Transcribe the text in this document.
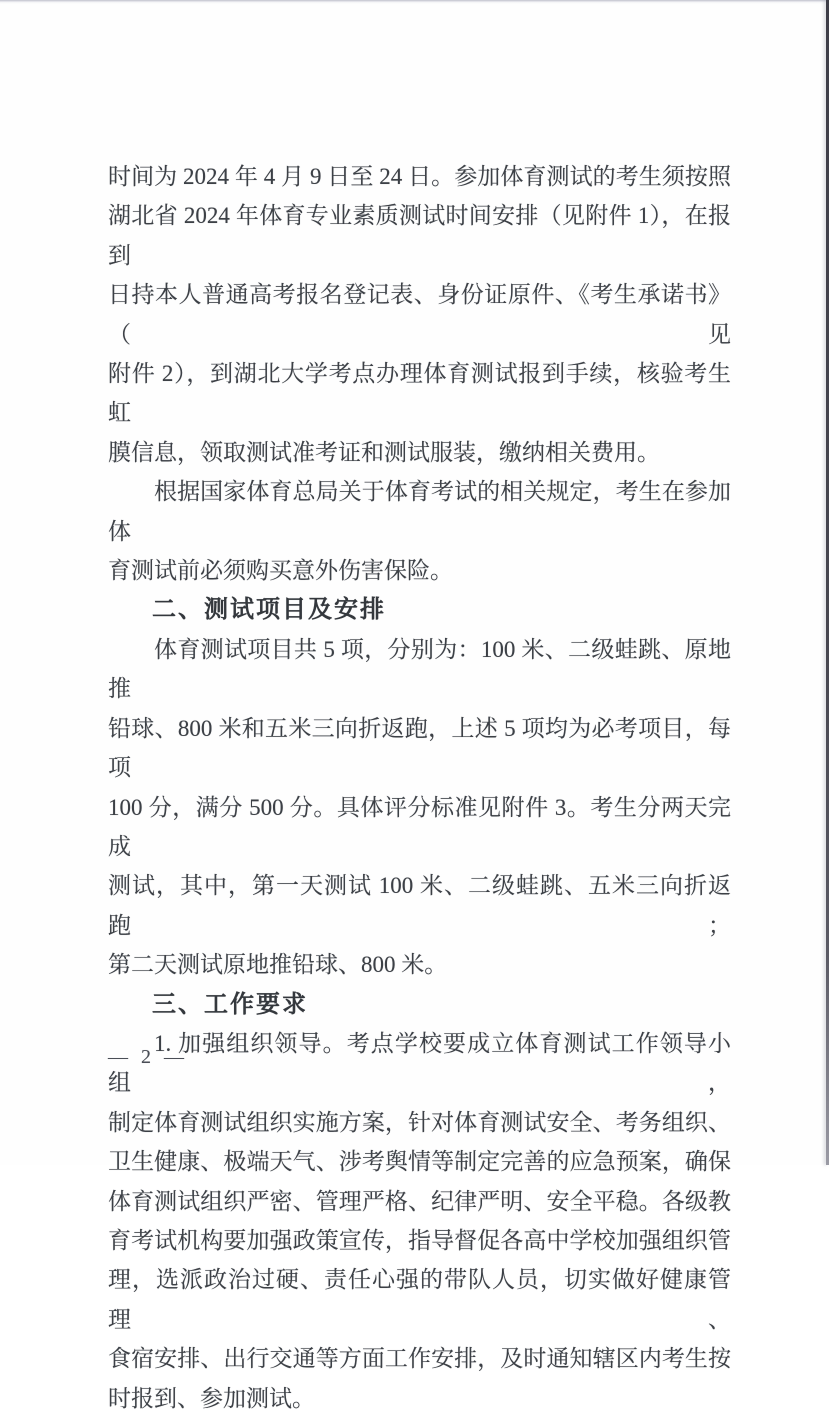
时间为 2024 年 4 月 9 日至 24 日。参加体育测试的考生须按照
湖北省 2024 年体育专业素质测试时间安排（见附件 1），在报到
日持本人普通高考报名登记表、身份证原件、《考生承诺书》（见
附件 2），到湖北大学考点办理体育测试报到手续，核验考生虹
膜信息，领取测试准考证和测试服装，缴纳相关费用。
根据国家体育总局关于体育考试的相关规定，考生在参加体
育测试前必须购买意外伤害保险。
二、测试项目及安排
体育测试项目共 5 项，分别为：100 米、二级蛙跳、原地推
铅球、800 米和五米三向折返跑，上述 5 项均为必考项目，每项
100 分，满分 500 分。具体评分标准见附件 3。考生分两天完成
测试，其中，第一天测试 100 米、二级蛙跳、五米三向折返跑；
第二天测试原地推铅球、800 米。
三、工作要求
1. 加强组织领导。考点学校要成立体育测试工作领导小组，
制定体育测试组织实施方案，针对体育测试安全、考务组织、
卫生健康、极端天气、涉考舆情等制定完善的应急预案，确保
体育测试组织严密、管理严格、纪律严明、安全平稳。各级教
育考试机构要加强政策宣传，指导督促各高中学校加强组织管
理，选派政治过硬、责任心强的带队人员，切实做好健康管理、
食宿安排、出行交通等方面工作安排，及时通知辖区内考生按
时报到、参加测试。
— 2 —
